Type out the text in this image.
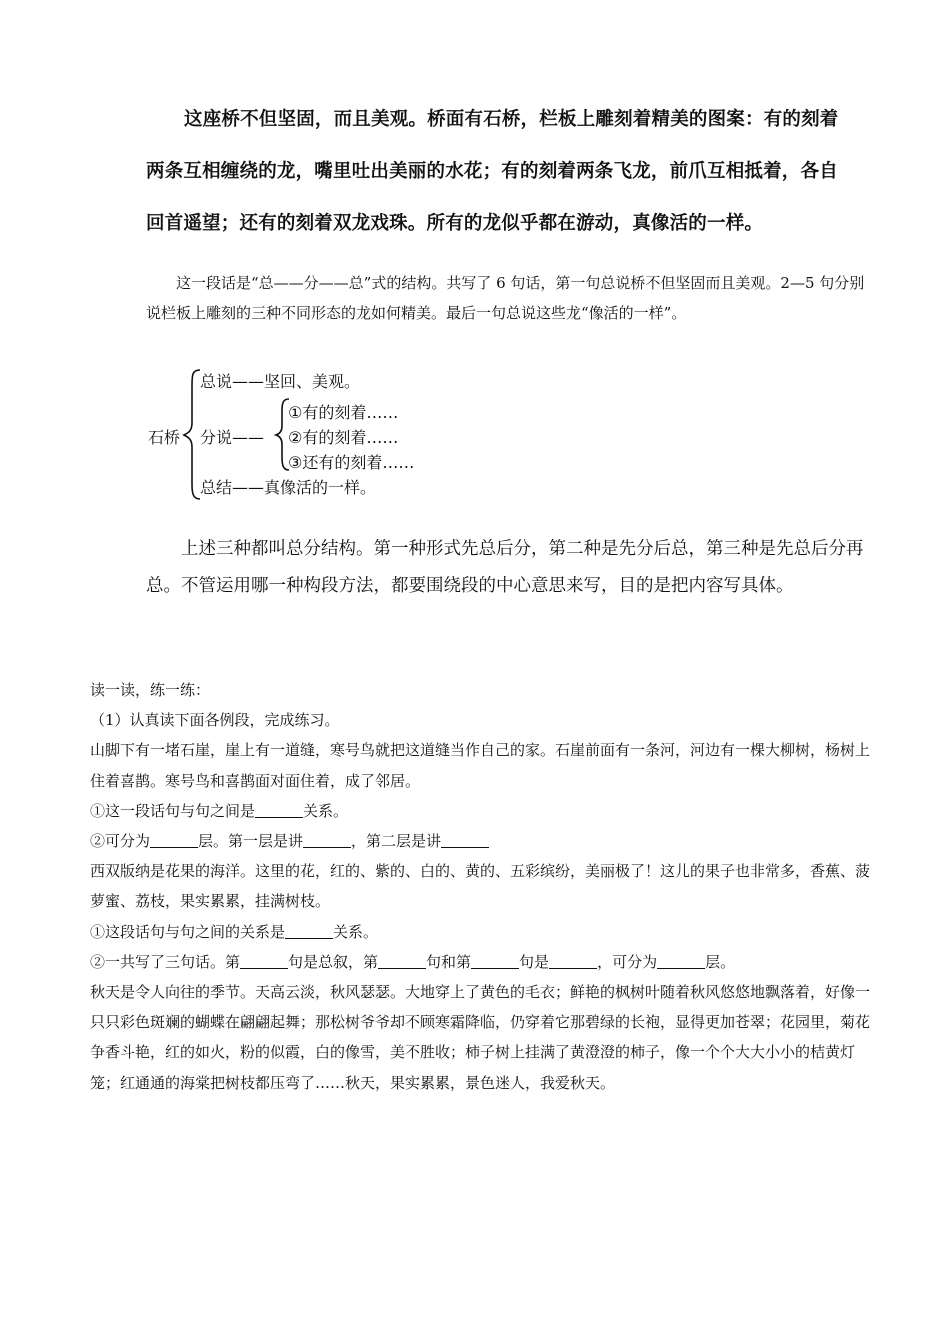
这座桥不但坚固，而且美观。桥面有石桥，栏板上雕刻着精美的图案：有的刻着
两条互相缠绕的龙，嘴里吐出美丽的水花；有的刻着两条飞龙，前爪互相抵着，各自
回首遥望；还有的刻着双龙戏珠。所有的龙似乎都在游动，真像活的一样。
这一段话是“总——分——总”式的结构。共写了 6 句话，第一句总说桥不但坚固而且美观。2—5 句分别说栏板上雕刻的三种不同形态的龙如何精美。最后一句总说这些龙“像活的一样”。
石桥
总说——坚回、美观。
分说——
①有的刻着……
②有的刻着……
③还有的刻着……
总结——真像活的一样。
上述三种都叫总分结构。第一种形式先总后分，第二种是先分后总，第三种是先总后分再总。不管运用哪一种构段方法，都要围绕段的中心意思来写，目的是把内容写具体。
读一读，练一练：
（1）认真读下面各例段，完成练习。
山脚下有一堵石崖，崖上有一道缝，寒号鸟就把这道缝当作自己的家。石崖前面有一条河，河边有一棵大柳树，杨树上住着喜鹊。寒号鸟和喜鹊面对面住着，成了邻居。
①这一段话句与句之间是	关系。
②可分为	层。第一层是讲	，第二层是讲
西双版纳是花果的海洋。这里的花，红的、紫的、白的、黄的、五彩缤纷，美丽极了！这儿的果子也非常多，香蕉、菠萝蜜、荔枝，果实累累，挂满树枝。
①这段话句与句之间的关系是	关系。
②一共写了三句话。第	句是总叙，第	句和第	句是	，可分为	层。
秋天是令人向往的季节。天高云淡，秋风瑟瑟。大地穿上了黄色的毛衣；鲜艳的枫树叶随着秋风悠悠地飘落着，好像一只只彩色斑斓的蝴蝶在翩翩起舞；那松树爷爷却不顾寒霜降临，仍穿着它那碧绿的长袍，显得更加苍翠；花园里，菊花争香斗艳，红的如火，粉的似霞，白的像雪，美不胜收；柿子树上挂满了黄澄澄的柿子，像一个个大大小小的桔黄灯笼；红通通的海棠把树枝都压弯了……秋天，果实累累，景色迷人，我爱秋天。
